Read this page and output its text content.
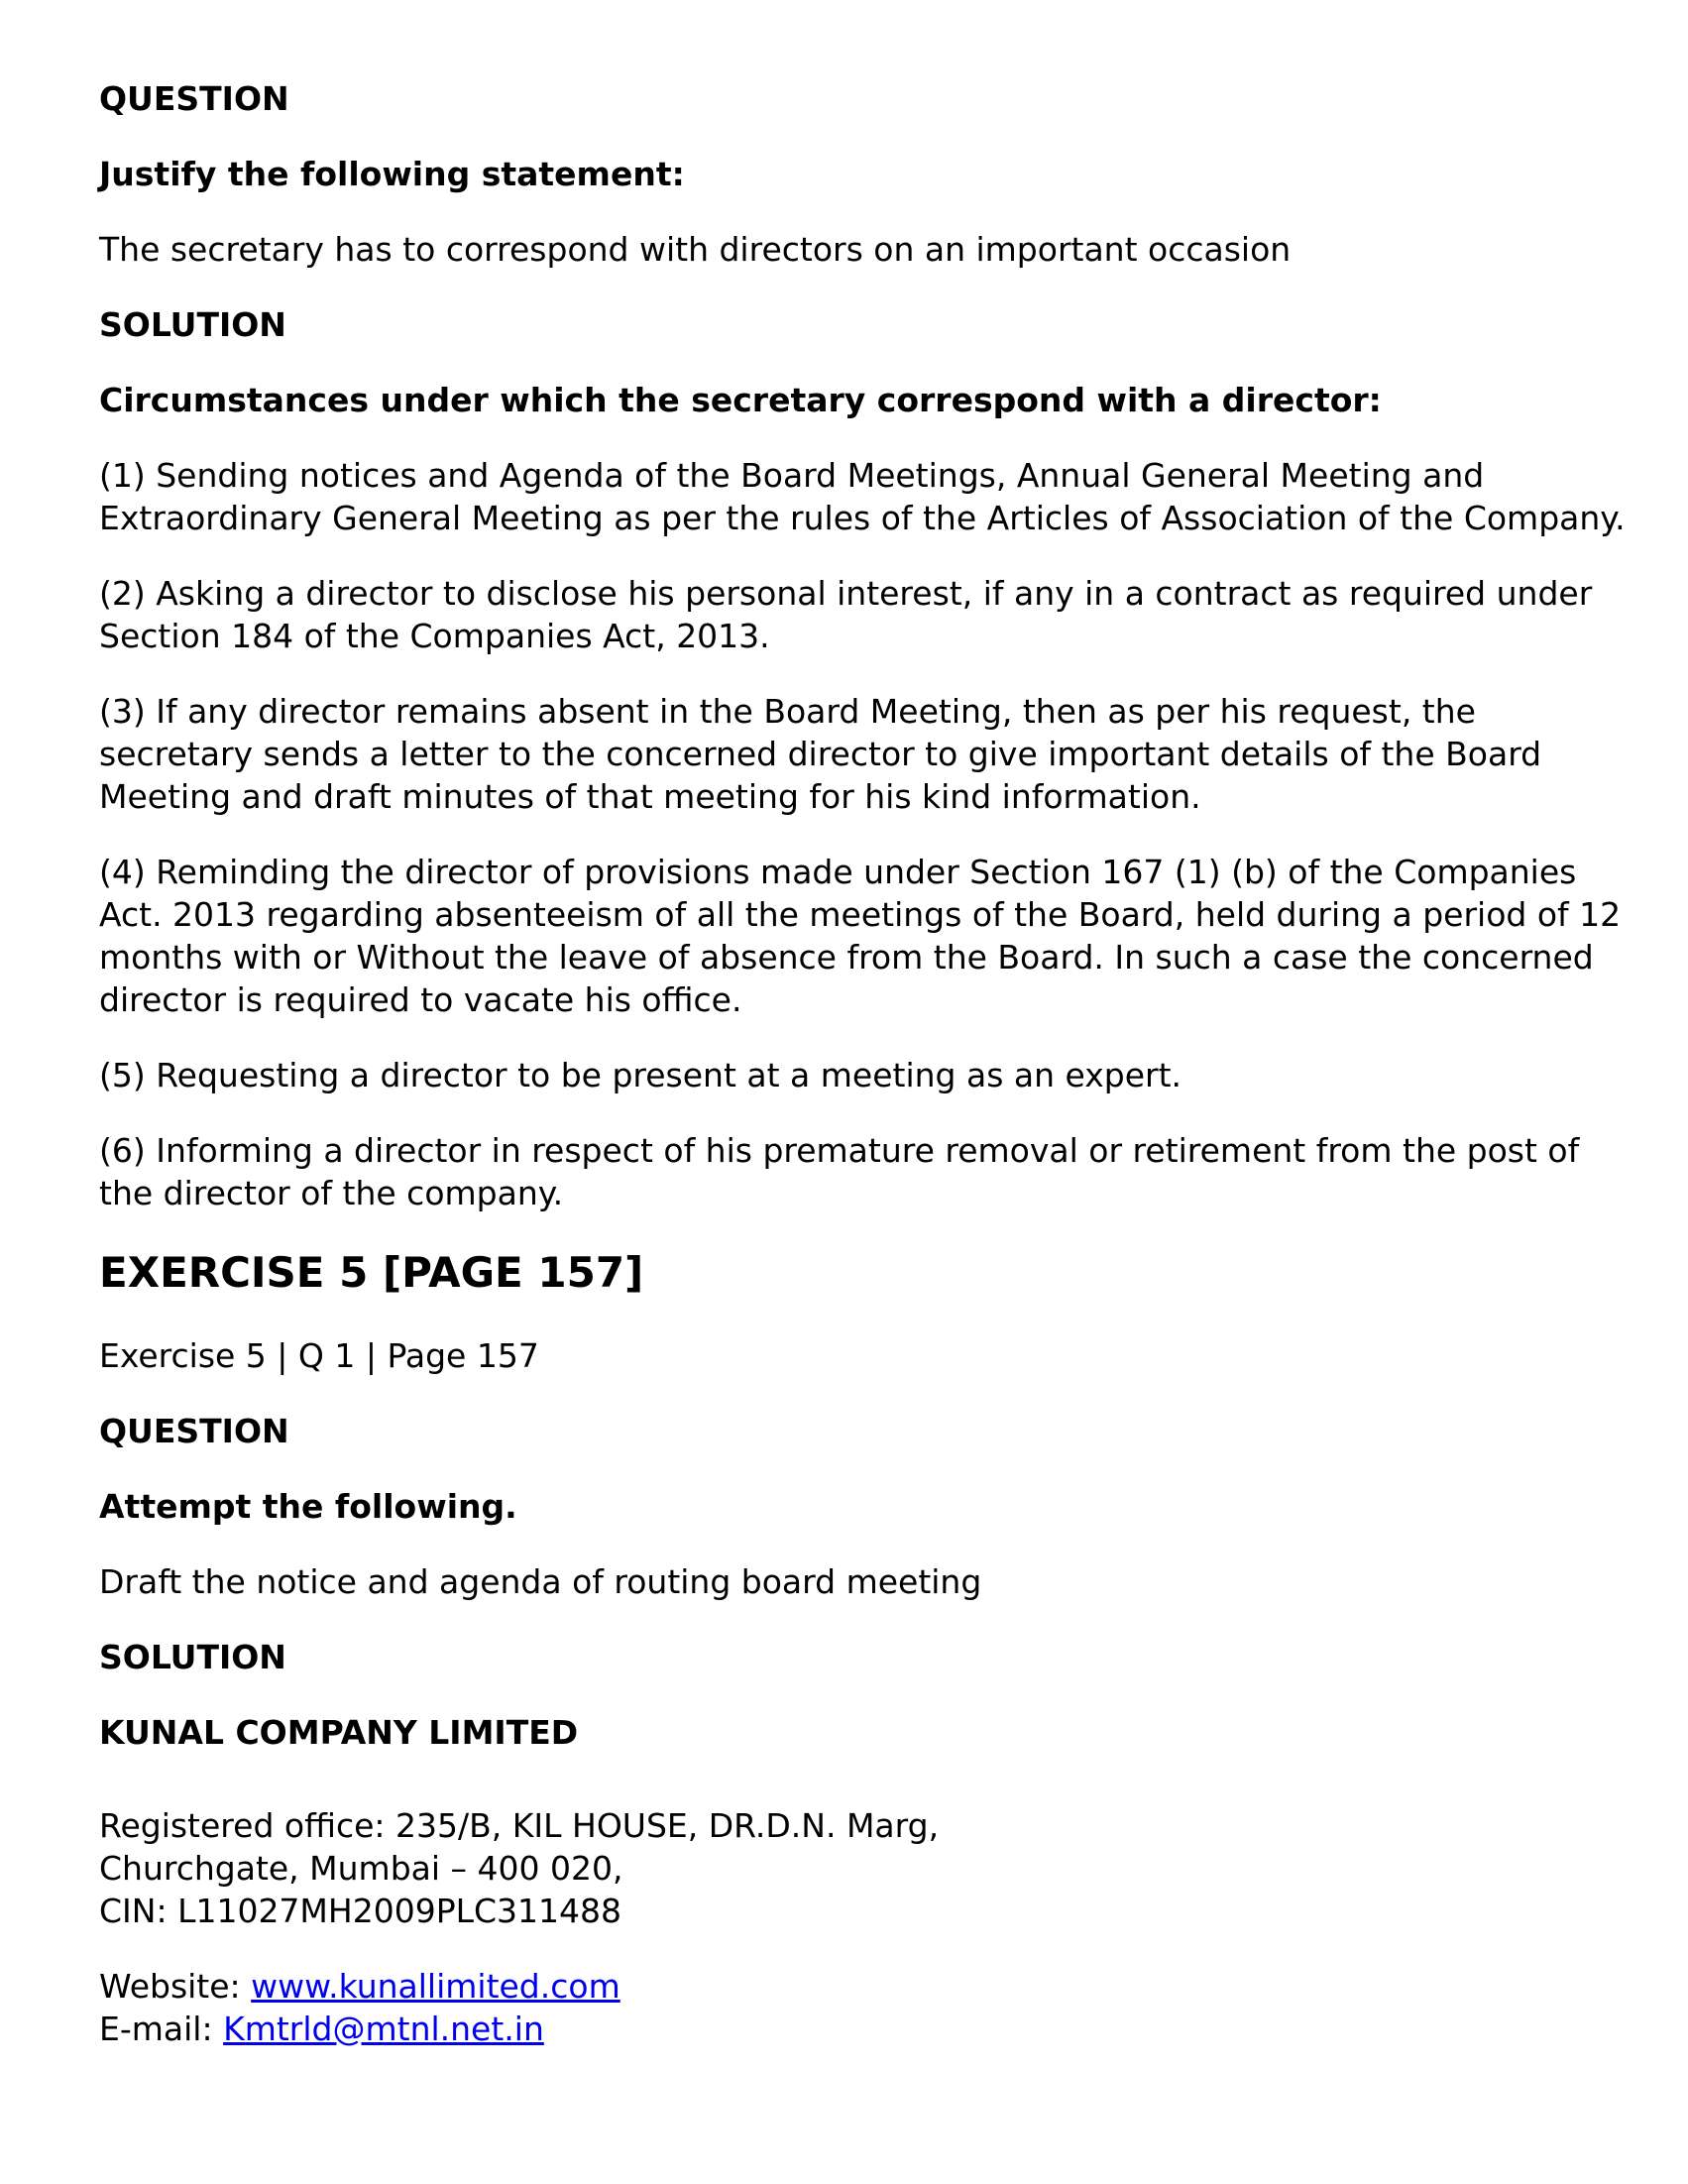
QUESTION
Justify the following statement:
The secretary has to correspond with directors on an important occasion
SOLUTION
Circumstances under which the secretary correspond with a director:
(1) Sending notices and Agenda of the Board Meetings, Annual General Meeting and Extraordinary General Meeting as per the rules of the Articles of Association of the Company.
(2) Asking a director to disclose his personal interest, if any in a contract as required under Section 184 of the Companies Act, 2013.
(3) If any director remains absent in the Board Meeting, then as per his request, the secretary sends a letter to the concerned director to give important details of the Board Meeting and draft minutes of that meeting for his kind information.
(4) Reminding the director of provisions made under Section 167 (1) (b) of the Companies Act. 2013 regarding absenteeism of all the meetings of the Board, held during a period of 12 months with or Without the leave of absence from the Board. In such a case the concerned director is required to vacate his office.
(5) Requesting a director to be present at a meeting as an expert.
(6) Informing a director in respect of his premature removal or retirement from the post of the director of the company.
EXERCISE 5 [PAGE 157]
Exercise 5 | Q 1 | Page 157
QUESTION
Attempt the following.
Draft the notice and agenda of routing board meeting
SOLUTION
KUNAL COMPANY LIMITED
Registered office: 235/B, KIL HOUSE, DR.D.N. Marg,
Churchgate, Mumbai – 400 020,
CIN: L11027MH2009PLC311488
Website: www.kunallimited.com
E-mail: Kmtrld@mtnl.net.in
